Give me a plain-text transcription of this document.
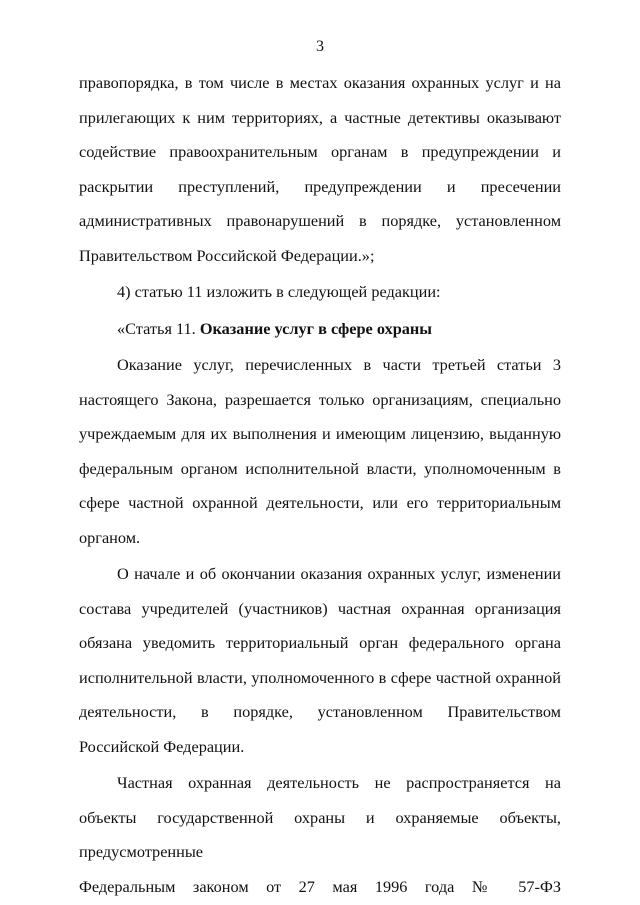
3

правопорядка, в том числе в местах оказания охранных услуг и на прилегающих к ним территориях, а частные детективы оказывают содействие правоохранительным органам в предупреждении и раскрытии преступлений, предупреждении и пресечении административных правонарушений в порядке, установленном Правительством Российской Федерации.»;

4) статью 11 изложить в следующей редакции:

«Статья 11. Оказание услуг в сфере охраны

Оказание услуг, перечисленных в части третьей статьи 3 настоящего Закона, разрешается только организациям, специально учреждаемым для их выполнения и имеющим лицензию, выданную федеральным органом исполнительной власти, уполномоченным в сфере частной охранной деятельности, или его территориальным органом.

О начале и об окончании оказания охранных услуг, изменении состава учредителей (участников) частная охранная организация обязана уведомить территориальный орган федерального органа исполнительной власти, уполномоченного в сфере частной охранной деятельности, в порядке, установленном Правительством Российской Федерации.

Частная охранная деятельность не распространяется на объекты государственной охраны и охраняемые объекты, предусмотренные

Федеральным законом от 27 мая 1996 года № 57-ФЗ
